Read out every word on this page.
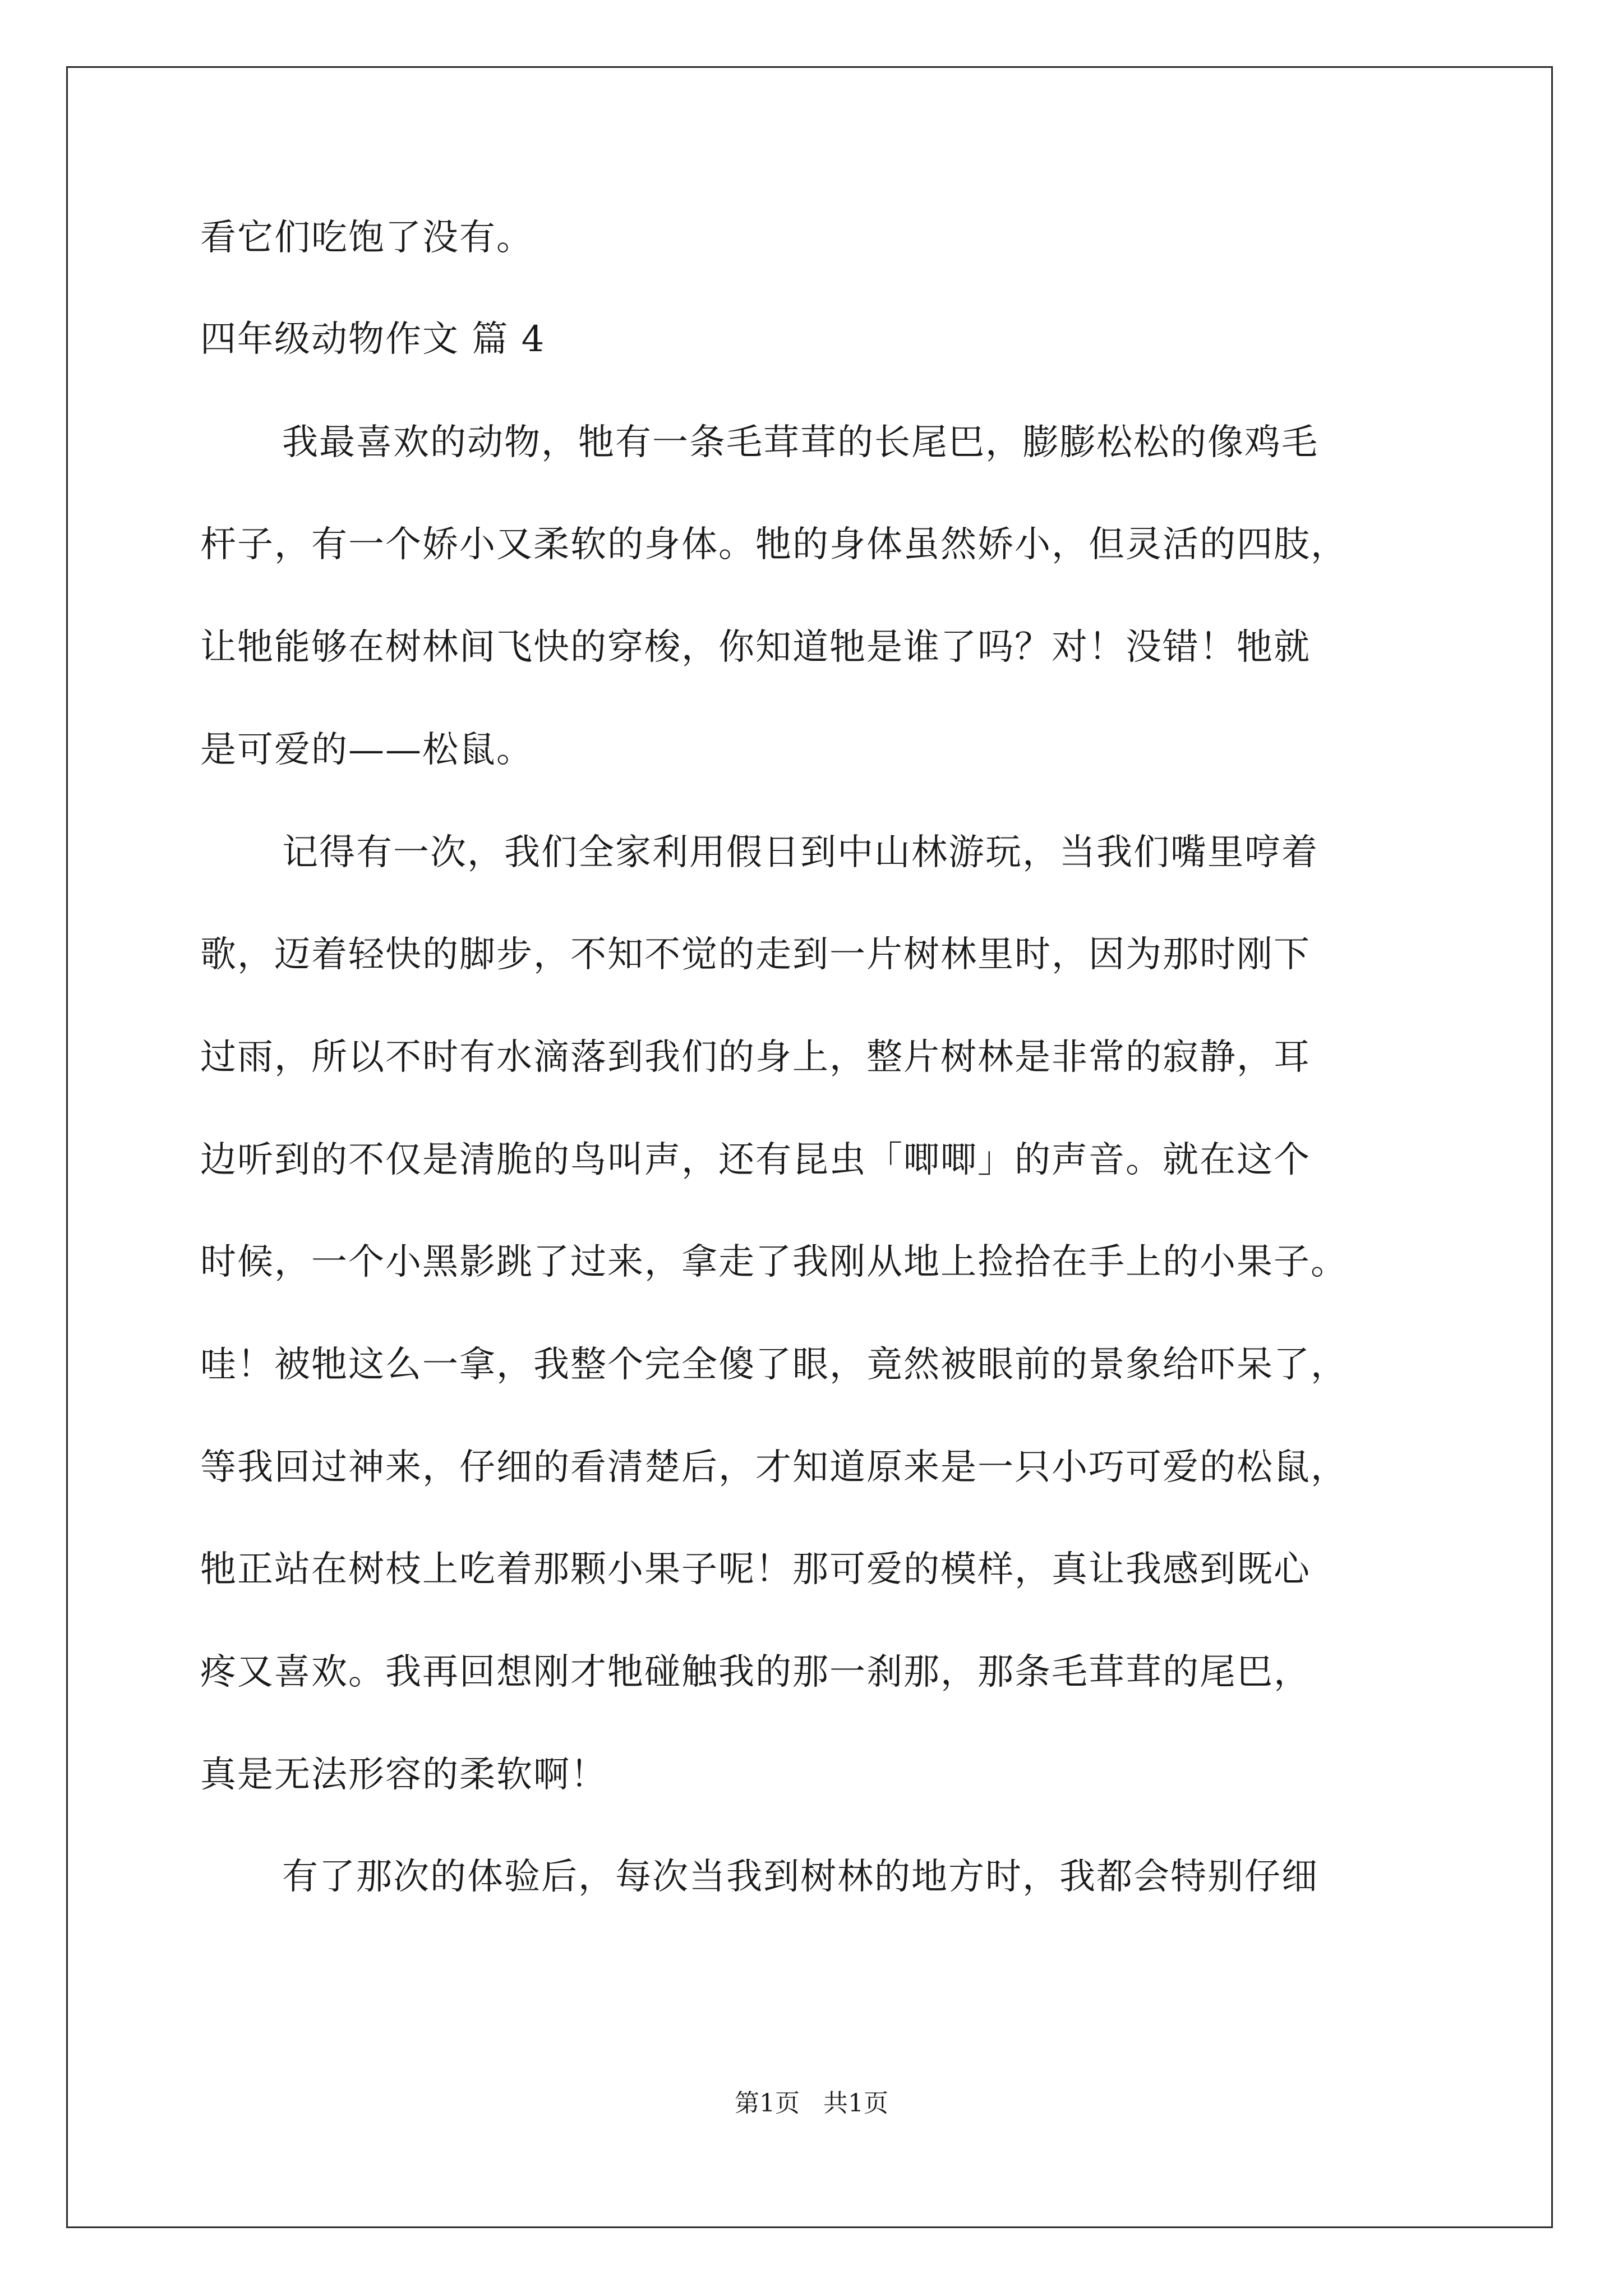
看它们吃饱了没有。

四年级动物作文 篇 4

我最喜欢的动物，牠有一条毛茸茸的长尾巴，膨膨松松的像鸡毛

杆子，有一个娇小又柔软的身体。牠的身体虽然娇小，但灵活的四肢，

让牠能够在树林间飞快的穿梭，你知道牠是谁了吗？对！没错！牠就

是可爱的——松鼠。

记得有一次，我们全家利用假日到中山林游玩，当我们嘴里哼着

歌，迈着轻快的脚步，不知不觉的走到一片树林里时，因为那时刚下

过雨，所以不时有水滴落到我们的身上，整片树林是非常的寂静，耳

边听到的不仅是清脆的鸟叫声，还有昆虫「唧唧」的声音。就在这个

时候，一个小黑影跳了过来，拿走了我刚从地上捡拾在手上的小果子。

哇！被牠这么一拿，我整个完全傻了眼，竟然被眼前的景象给吓呆了，

等我回过神来，仔细的看清楚后，才知道原来是一只小巧可爱的松鼠，

牠正站在树枝上吃着那颗小果子呢！那可爱的模样，真让我感到既心

疼又喜欢。我再回想刚才牠碰触我的那一刹那，那条毛茸茸的尾巴，

真是无法形容的柔软啊！

有了那次的体验后，每次当我到树林的地方时，我都会特别仔细

第1页 共1页
